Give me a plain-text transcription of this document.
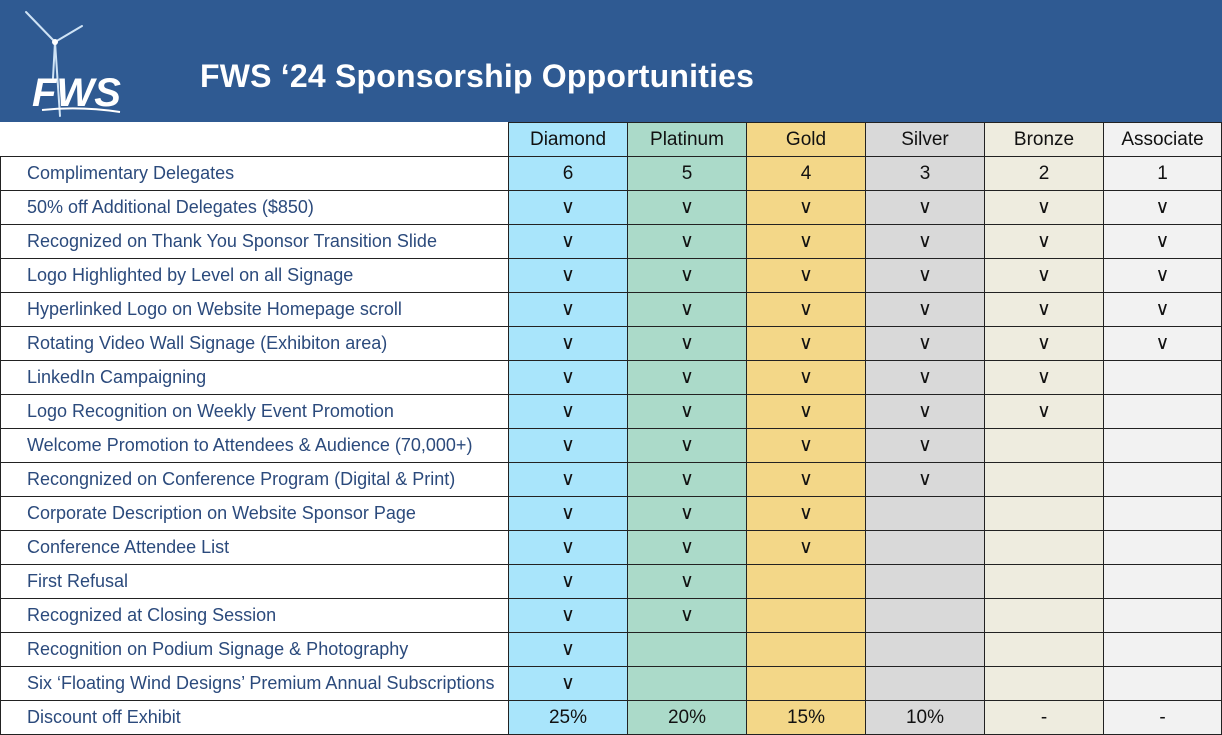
FWS FWS ‘24 Sponsorship Opportunities
	Diamond	Platinum	Gold	Silver	Bronze	Associate
Complimentary Delegates	6	5	4	3	2	1
50% off Additional Delegates ($850)	∨	∨	∨	∨	∨	∨
Recognized on Thank You Sponsor Transition Slide	∨	∨	∨	∨	∨	∨
Logo Highlighted by Level on all Signage	∨	∨	∨	∨	∨	∨
Hyperlinked Logo on Website Homepage scroll	∨	∨	∨	∨	∨	∨
Rotating Video Wall Signage (Exhibiton area)	∨	∨	∨	∨	∨	∨
LinkedIn Campaigning	∨	∨	∨	∨	∨	
Logo Recognition on Weekly Event Promotion	∨	∨	∨	∨	∨	
Welcome Promotion to Attendees & Audience (70,000+)	∨	∨	∨	∨		
Recongnized on Conference Program (Digital & Print)	∨	∨	∨	∨		
Corporate Description on Website Sponsor Page	∨	∨	∨			
Conference Attendee List	∨	∨	∨			
First Refusal	∨	∨				
Recognized at Closing Session	∨	∨				
Recognition on Podium Signage & Photography	∨					
Six ‘Floating Wind Designs’ Premium Annual Subscriptions	∨					
Discount off Exhibit	25%	20%	15%	10%	-	-
